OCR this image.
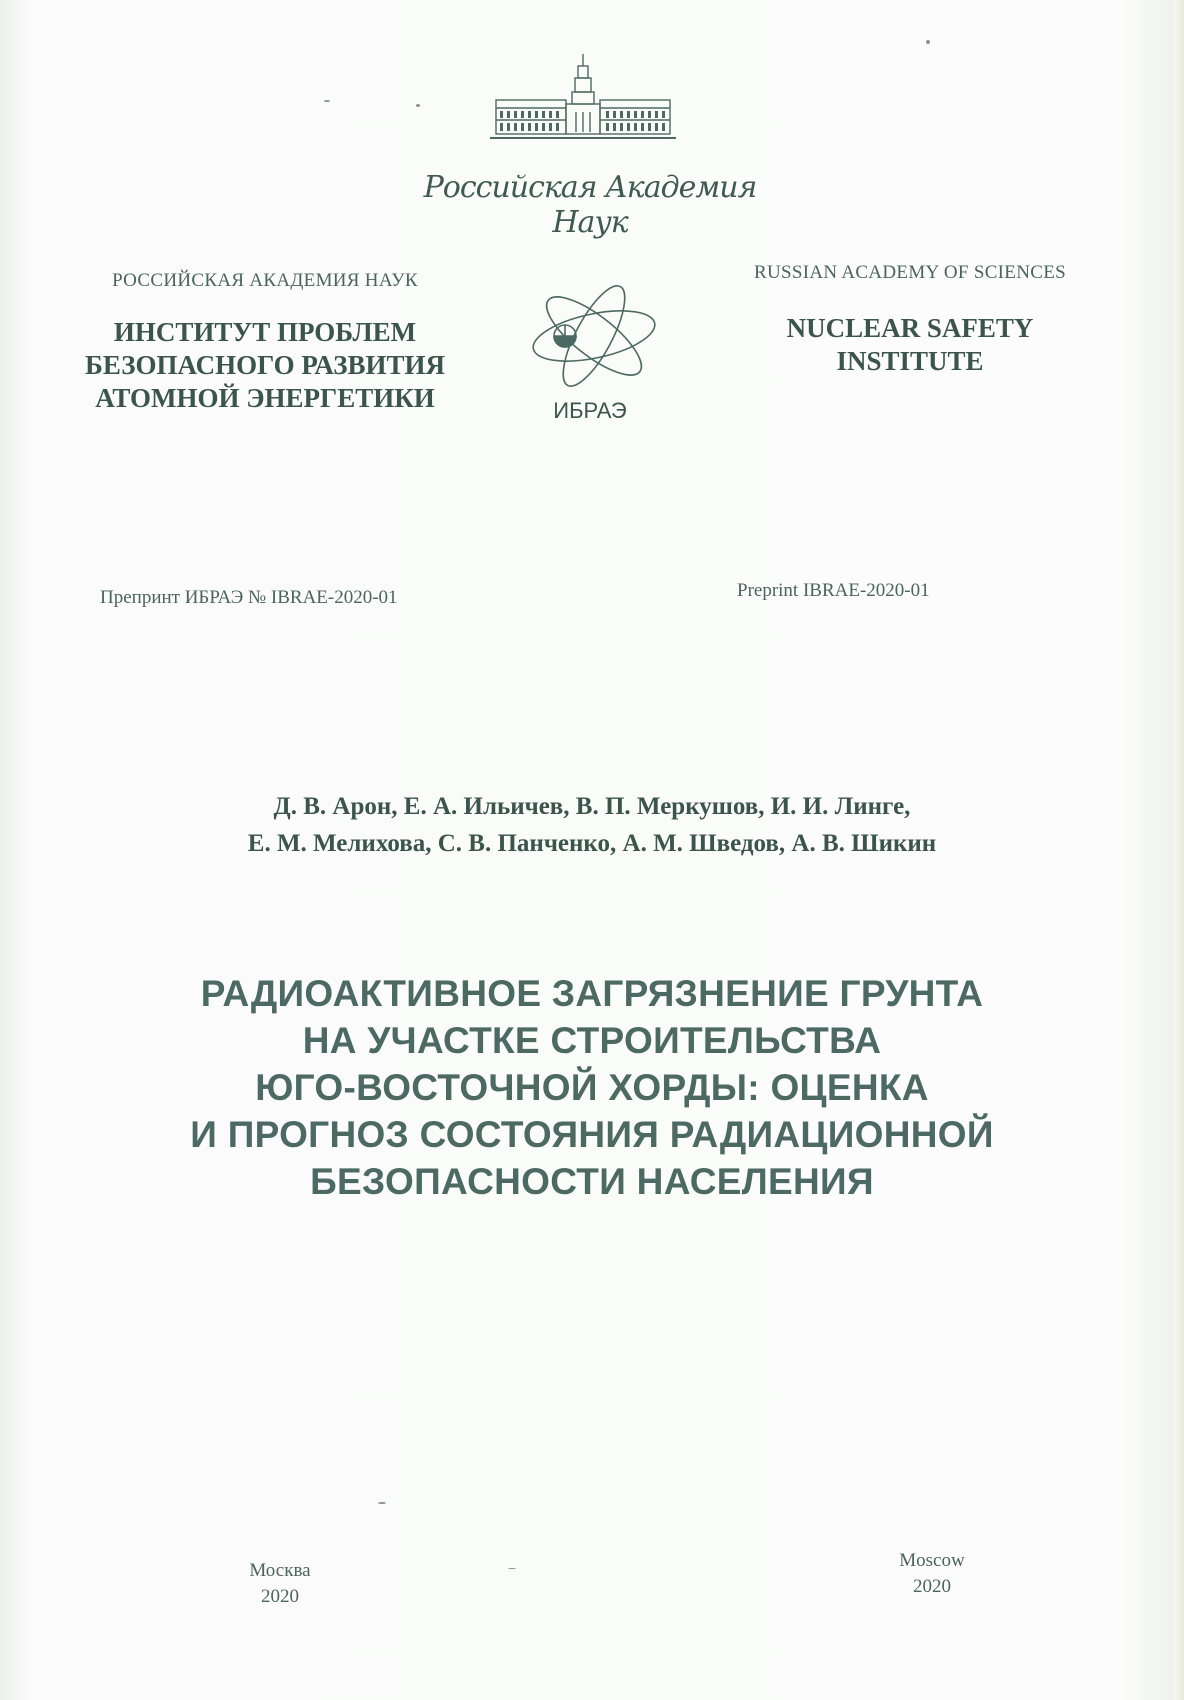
Российская Академия Наук
РОССИЙСКАЯ АКАДЕМИЯ НАУК
ИНСТИТУТ ПРОБЛЕМ
БЕЗОПАСНОГО РАЗВИТИЯ
АТОМНОЙ ЭНЕРГЕТИКИ	ИБРАЭ
RUSSIAN ACADEMY OF SCIENCES
NUCLEAR SAFETY
INSTITUTE
Препринт ИБРАЭ № IBRAE-2020-01	Preprint IBRAE-2020-01
Д. В. Арон, Е. А. Ильичев, В. П. Меркушов, И. И. Линге,
Е. М. Мелихова, С. В. Панченко, А. М. Шведов, А. В. Шикин
РАДИОАКТИВНОЕ ЗАГРЯЗНЕНИЕ ГРУНТА
НА УЧАСТКЕ СТРОИТЕЛЬСТВА
ЮГО-ВОСТОЧНОЙ ХОРДЫ: ОЦЕНКА
И ПРОГНОЗ СОСТОЯНИЯ РАДИАЦИОННОЙ
БЕЗОПАСНОСТИ НАСЕЛЕНИЯ
Москва
2020
Moscow
2020
